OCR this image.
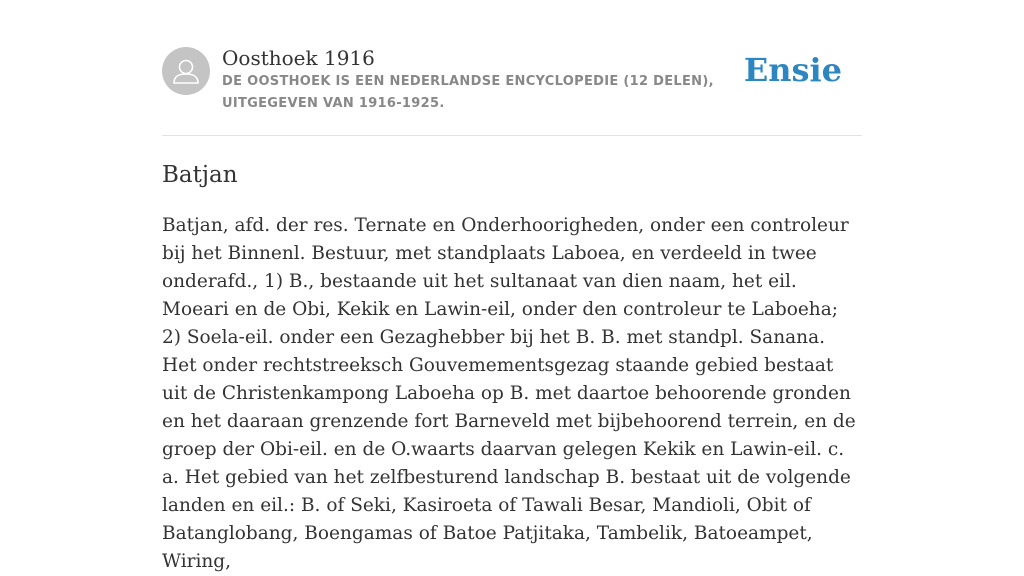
Oosthoek 1916
DE OOSTHOEK IS EEN NEDERLANDSE ENCYCLOPEDIE (12 DELEN), UITGEGEVEN VAN 1916-1925.
Ensie
Batjan

Batjan, afd. der res. Ternate en Onderhoorigheden, onder een controleur bij het Binnenl. Bestuur, met standplaats Laboea, en verdeeld in twee onderafd., 1) B., bestaande uit het sultanaat van dien naam, het eil. Moeari en de Obi, Kekik en Lawin-eil, onder den controleur te Laboeha; 2) Soela-eil. onder een Gezaghebber bij het B. B. met standpl. Sanana. Het onder rechtstreeksch Gouvemementsgezag staande gebied bestaat uit de Christenkampong Laboeha op B. met daartoe behoorende gronden en het daaraan grenzende fort Barneveld met bijbehoorend terrein, en de groep der Obi-eil. en de O.waarts daarvan gelegen Kekik en Lawin-eil. c. a. Het gebied van het zelfbesturend landschap B. bestaat uit de volgende landen en eil.: B. of Seki, Kasiroeta of Tawali Besar, Mandioli, Obit of Batanglobang, Boengamas of Batoe Patjitaka, Tambelik, Batoeampet, Wiring,
